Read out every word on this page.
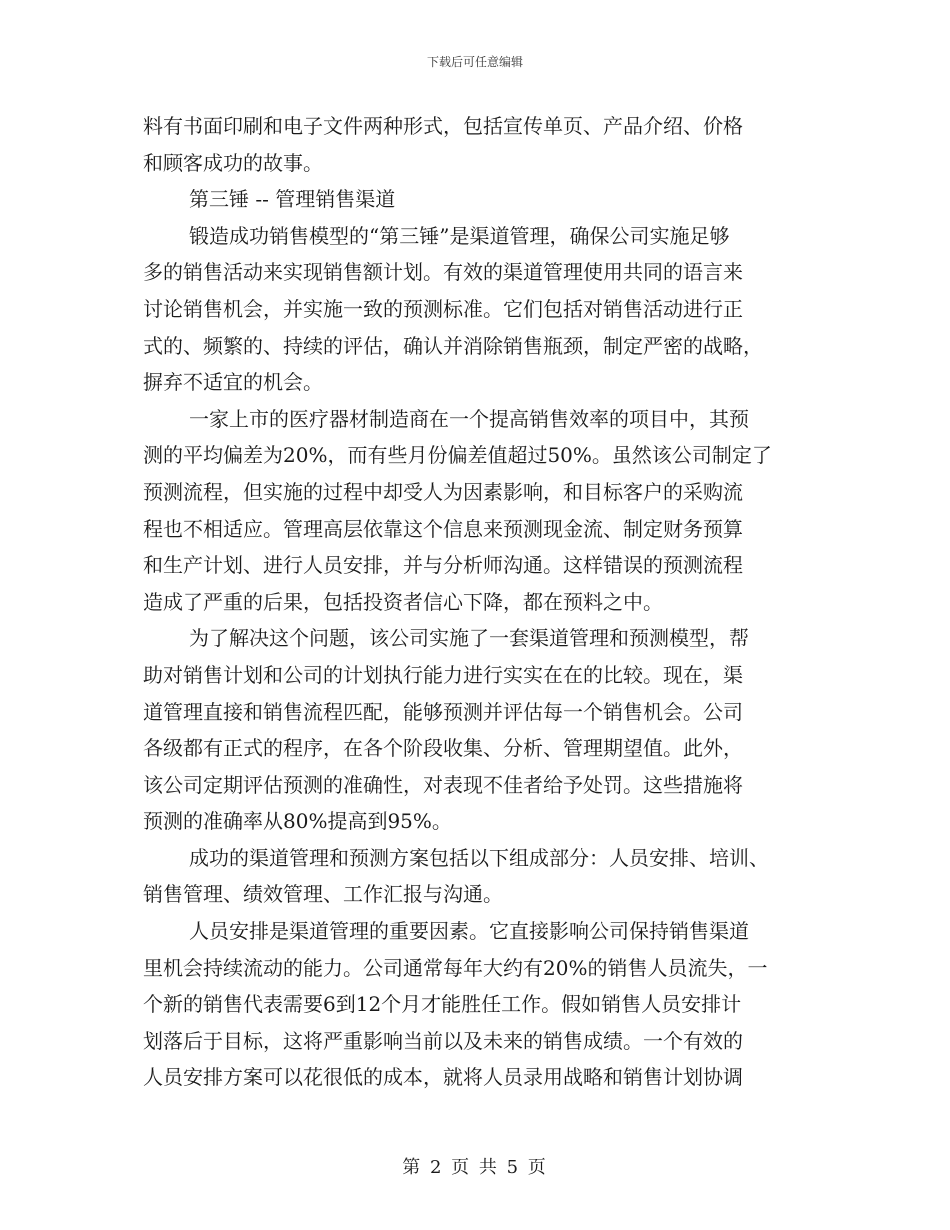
下载后可任意编辑
料有书面印刷和电子文件两种形式，包括宣传单页、产品介绍、价格
和顾客成功的故事。
第三锤 -- 管理销售渠道
锻造成功销售模型的“第三锤”是渠道管理，确保公司实施足够
多的销售活动来实现销售额计划。有效的渠道管理使用共同的语言来
讨论销售机会，并实施一致的预测标准。它们包括对销售活动进行正
式的、频繁的、持续的评估，确认并消除销售瓶颈，制定严密的战略，
摒弃不适宜的机会。
一家上市的医疗器材制造商在一个提高销售效率的项目中，其预
测的平均偏差为20%，而有些月份偏差值超过50%。虽然该公司制定了
预测流程，但实施的过程中却受人为因素影响，和目标客户的采购流
程也不相适应。管理高层依靠这个信息来预测现金流、制定财务预算
和生产计划、进行人员安排，并与分析师沟通。这样错误的预测流程
造成了严重的后果，包括投资者信心下降，都在预料之中。
为了解决这个问题，该公司实施了一套渠道管理和预测模型，帮
助对销售计划和公司的计划执行能力进行实实在在的比较。现在，渠
道管理直接和销售流程匹配，能够预测并评估每一个销售机会。公司
各级都有正式的程序，在各个阶段收集、分析、管理期望值。此外，
该公司定期评估预测的准确性，对表现不佳者给予处罚。这些措施将
预测的准确率从80%提高到95%。
成功的渠道管理和预测方案包括以下组成部分：人员安排、培训、
销售管理、绩效管理、工作汇报与沟通。
人员安排是渠道管理的重要因素。它直接影响公司保持销售渠道
里机会持续流动的能力。公司通常每年大约有20%的销售人员流失，一
个新的销售代表需要6到12个月才能胜任工作。假如销售人员安排计
划落后于目标，这将严重影响当前以及未来的销售成绩。一个有效的
人员安排方案可以花很低的成本，就将人员录用战略和销售计划协调
第 2 页 共 5 页
